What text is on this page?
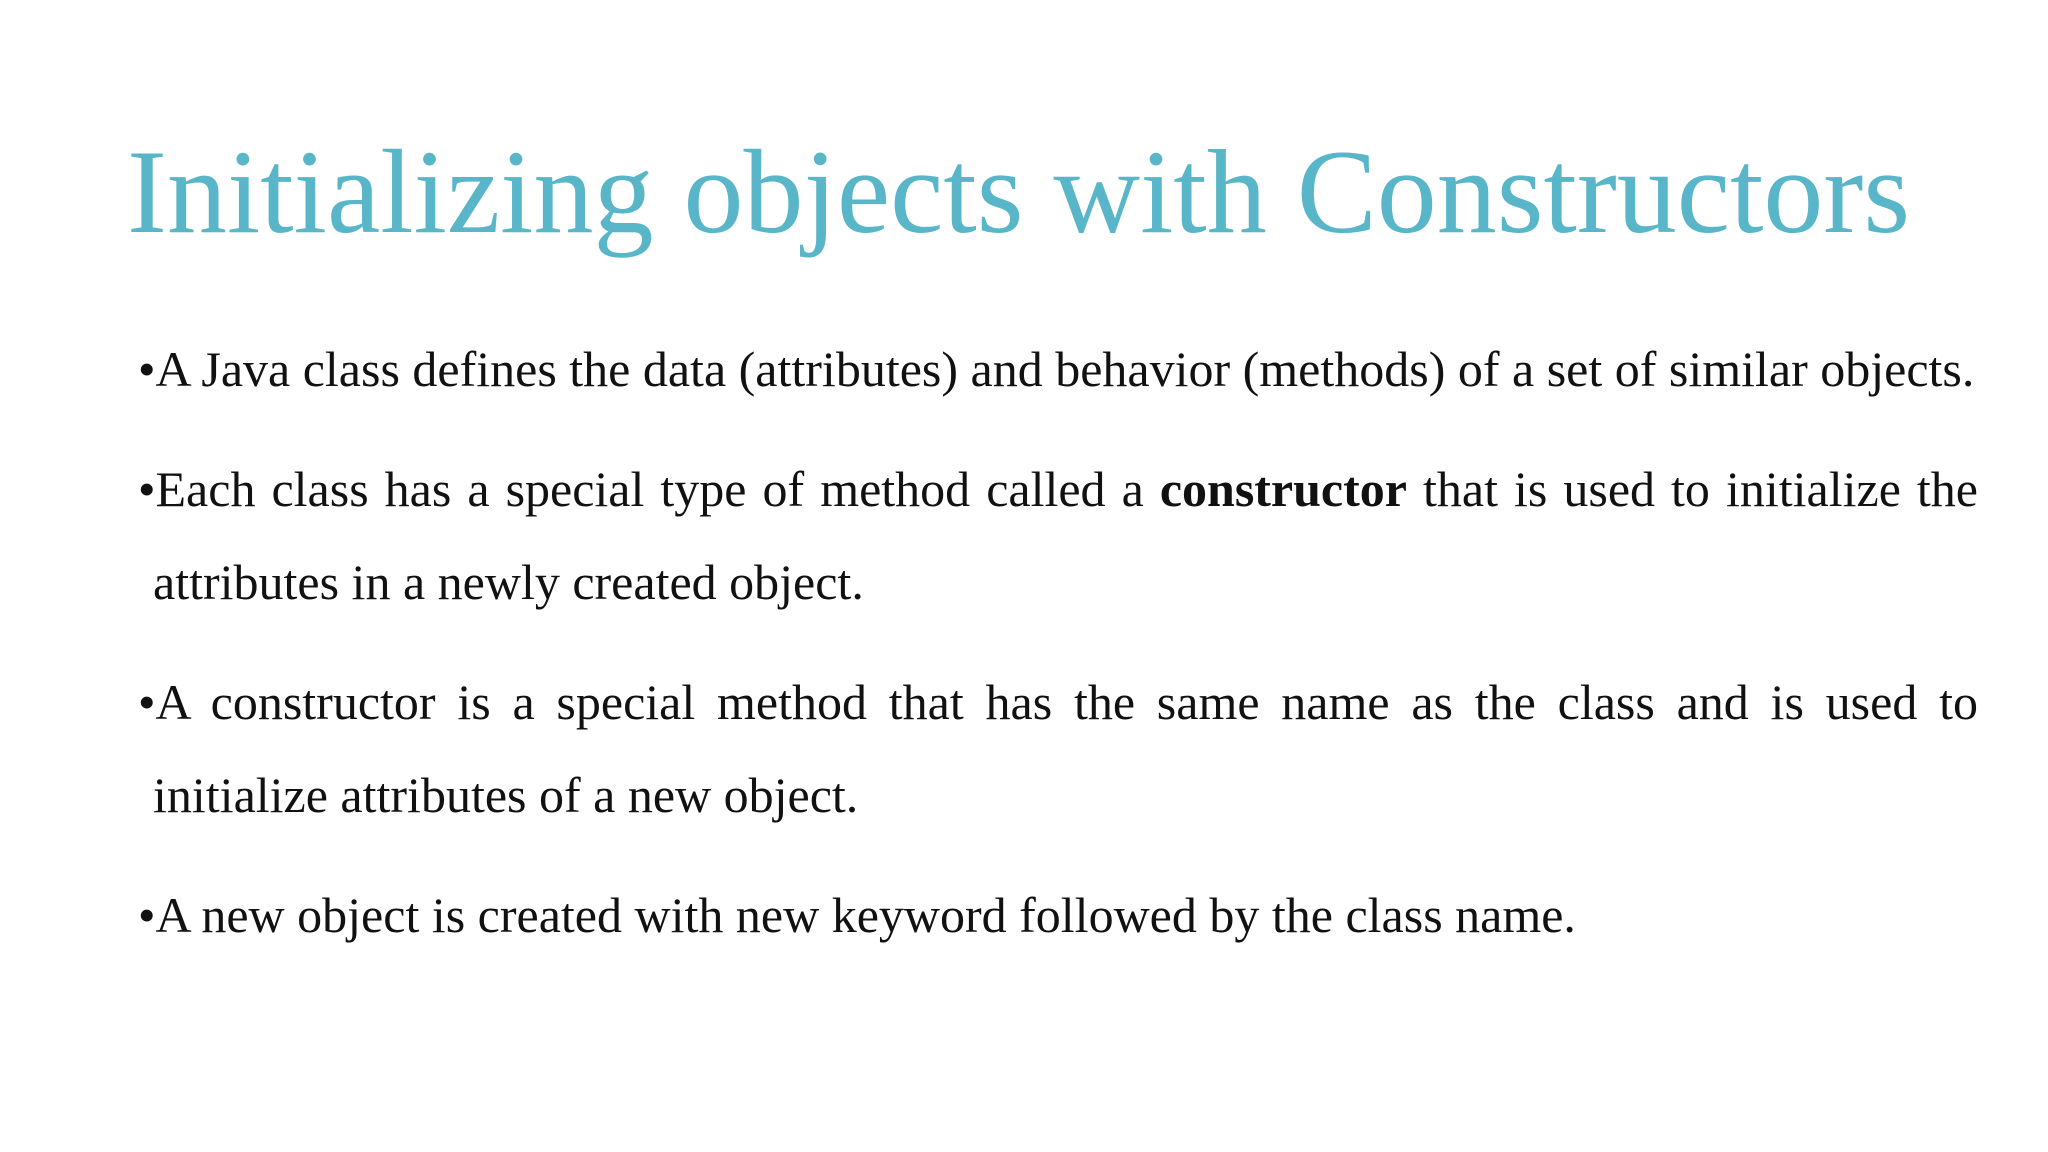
Initializing objects with Constructors
•A Java class defines the data (attributes) and behavior (methods) of a set of similar objects.
•Each class has a special type of method called a constructor that is used to initialize the attributes in a newly created object.
•A constructor is a special method that has the same name as the class and is used to initialize attributes of a new object.
•A new object is created with new keyword followed by the class name.
